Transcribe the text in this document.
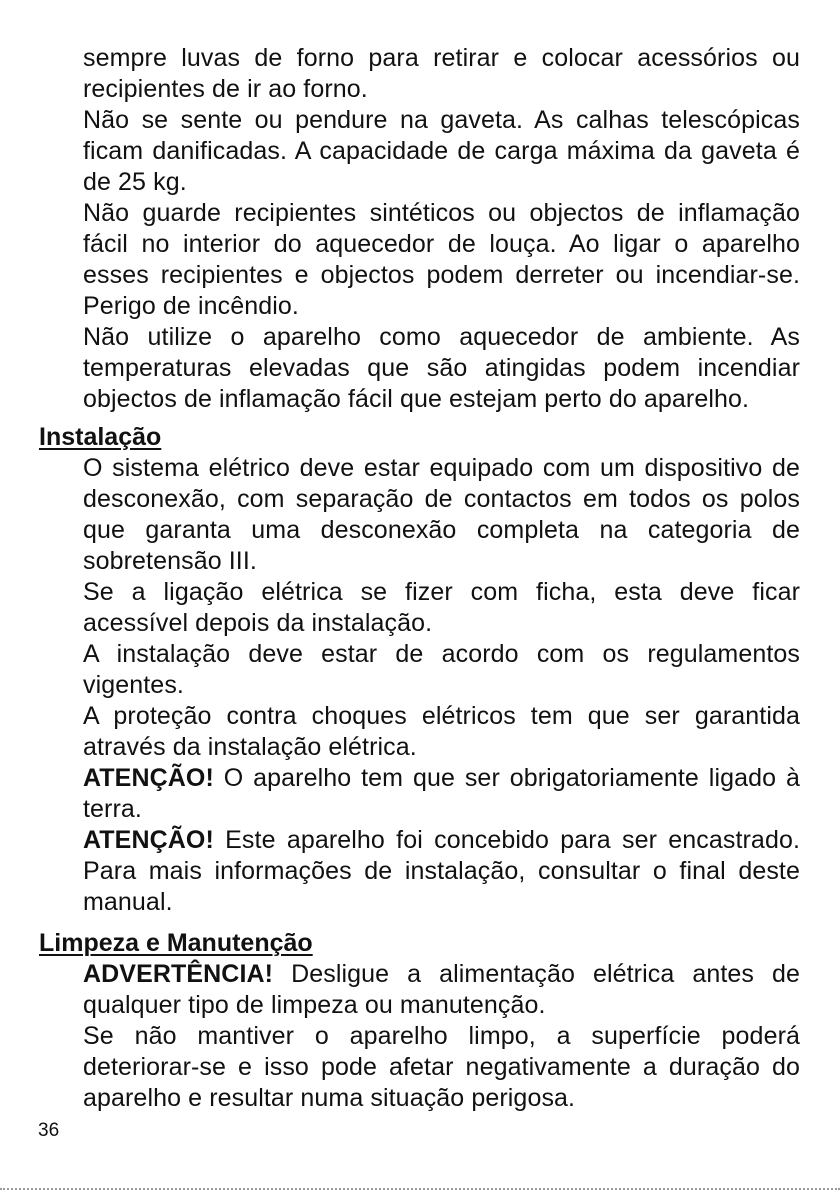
sempre luvas de forno para retirar e colocar acessórios ou recipientes de ir ao forno.

Não se sente ou pendure na gaveta. As calhas telescópicas ficam danificadas. A capacidade de carga máxima da gaveta é de 25 kg.

Não guarde recipientes sintéticos ou objectos de inflamação fácil no interior do aquecedor de louça. Ao ligar o aparelho esses recipientes e objectos podem derreter ou incendiar-se. Perigo de incêndio.

Não utilize o aparelho como aquecedor de ambiente. As temperaturas elevadas que são atingidas podem incendiar objectos de inflamação fácil que estejam perto do aparelho.

Instalação

O sistema elétrico deve estar equipado com um dispositivo de desconexão, com separação de contactos em todos os polos que garanta uma desconexão completa na categoria de sobretensão III.

Se a ligação elétrica se fizer com ficha, esta deve ficar acessível depois da instalação.

A instalação deve estar de acordo com os regulamentos vigentes.

A proteção contra choques elétricos tem que ser garantida através da instalação elétrica.

ATENÇÃO! O aparelho tem que ser obrigatoriamente ligado à terra.

ATENÇÃO! Este aparelho foi concebido para ser encastrado. Para mais informações de instalação, consultar o final deste manual.

Limpeza e Manutenção

ADVERTÊNCIA! Desligue a alimentação elétrica antes de qualquer tipo de limpeza ou manutenção.

Se não mantiver o aparelho limpo, a superfície poderá deteriorar-se e isso pode afetar negativamente a duração do aparelho e resultar numa situação perigosa.

36
